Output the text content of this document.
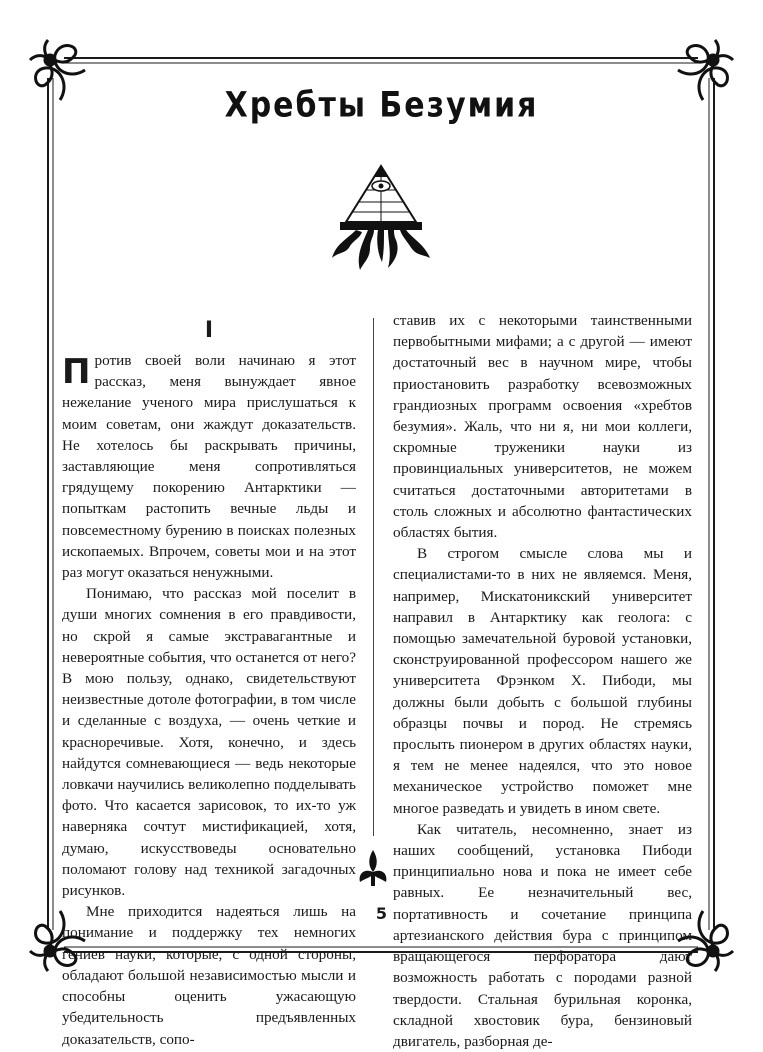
Хребты Безумия
I

Против своей воли начинаю я этот рассказ, меня вынуждает явное нежелание ученого мира прислушаться к моим советам, они жаждут доказательств. Не хотелось бы раскрывать причины, заставляющие меня сопротивляться грядущему покорению Антарктики — попыткам растопить вечные льды и повсеместному бурению в поисках полезных ископаемых. Впрочем, советы мои и на этот раз могут оказаться ненужными.

Понимаю, что рассказ мой поселит в души многих сомнения в его правдивости, но скрой я самые экстравагантные и невероятные события, что останется от него? В мою пользу, однако, свидетельствуют неизвестные дотоле фотографии, в том числе и сделанные с воздуха, — очень четкие и красноречивые. Хотя, конечно, и здесь найдутся сомневающиеся — ведь некоторые ловкачи научились великолепно подделывать фото. Что касается зарисовок, то их-то уж наверняка сочтут мистификацией, хотя, думаю, искусствоведы основательно поломают голову над техникой загадочных рисунков.

Мне приходится надеяться лишь на понимание и поддержку тех немногих гениев науки, которые, с одной стороны, обладают большой независимостью мысли и способны оценить ужасающую убедительность предъявленных доказательств, сопо-

ставив их с некоторыми таинственными первобытными мифами; а с другой — имеют достаточный вес в научном мире, чтобы приостановить разработку всевозможных грандиозных программ освоения «хребтов безумия». Жаль, что ни я, ни мои коллеги, скромные труженики науки из провинциальных университетов, не можем считаться достаточными авторитетами в столь сложных и абсолютно фантастических областях бытия.

В строгом смысле слова мы и специалистами-то в них не являемся. Меня, например, Мискатоникский университет направил в Антарктику как геолога: с помощью замечательной буровой установки, сконструированной профессором нашего же университета Фрэнком Х. Пибоди, мы должны были добыть с большой глубины образцы почвы и пород. Не стремясь прослыть пионером в других областях науки, я тем не менее надеялся, что это новое механическое устройство поможет мне многое разведать и увидеть в ином свете.

Как читатель, несомненно, знает из наших сообщений, установка Пибоди принципиально нова и пока не имеет себе равных. Ее незначительный вес, портативность и сочетание принципа артезианского действия бура с принципом вращающегося перфоратора дают возможность работать с породами разной твердости. Стальная бурильная коронка, складной хвостовик бура, бензиновый двигатель, разборная де-

5
